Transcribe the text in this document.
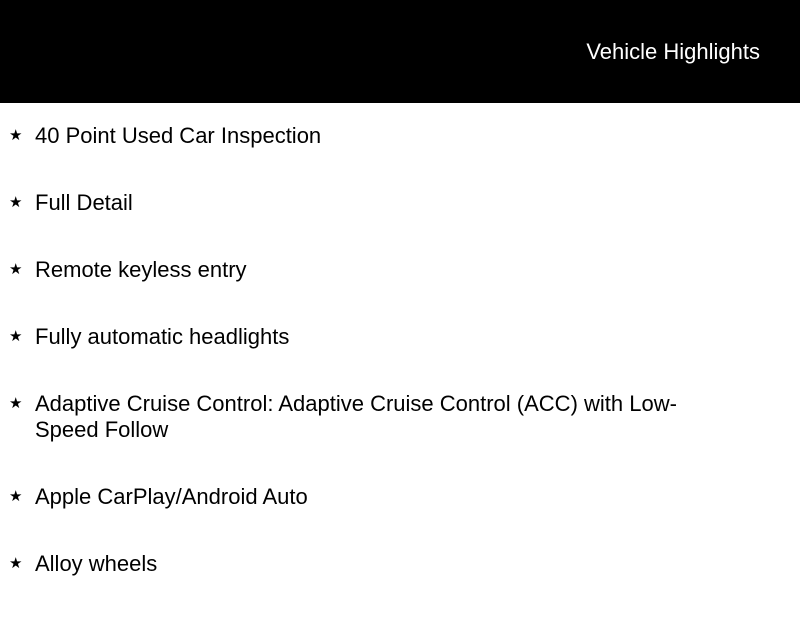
Vehicle Highlights
★ 40 Point Used Car Inspection
★ Full Detail
★ Remote keyless entry
★ Fully automatic headlights
★ Adaptive Cruise Control: Adaptive Cruise Control (ACC) with Low-Speed Follow
★ Apple CarPlay/Android Auto
★ Alloy wheels
